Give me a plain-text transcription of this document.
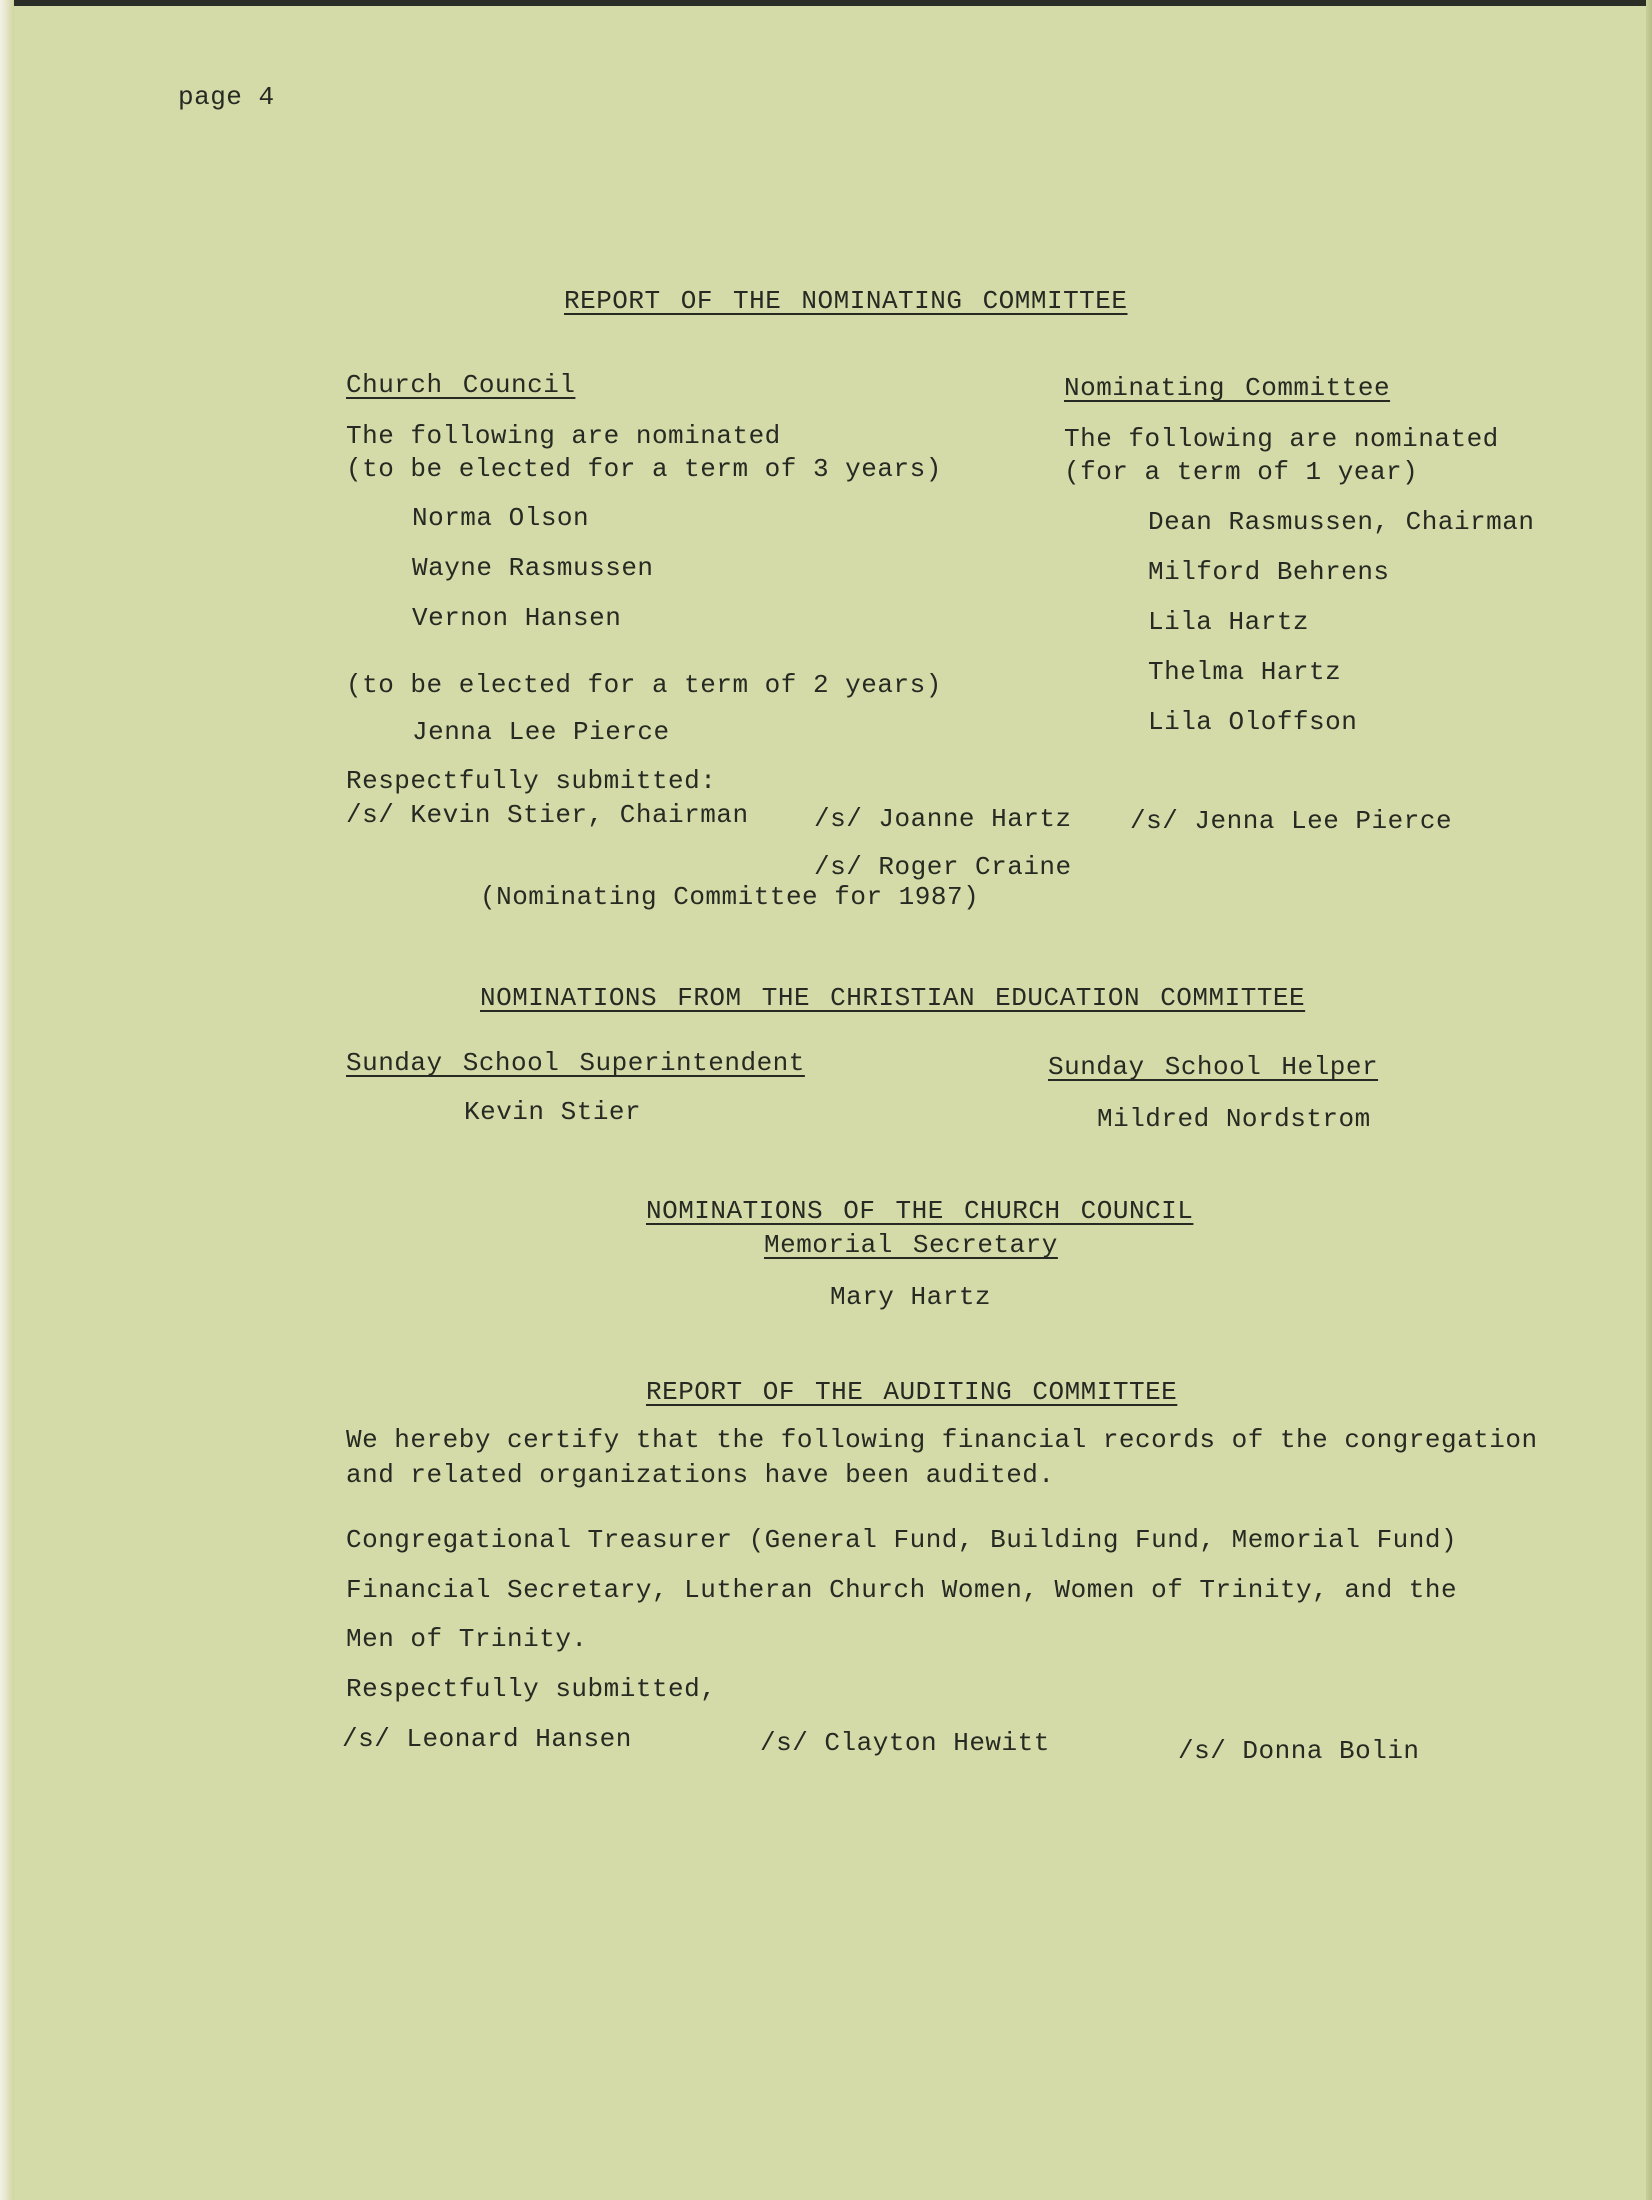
page 4
REPORT OF THE NOMINATING COMMITTEE
Church Council
The following are nominated
(to be elected for a term of 3 years)
Norma Olson
Wayne Rasmussen
Vernon Hansen
(to be elected for a term of 2 years)
Jenna Lee Pierce
Nominating Committee
The following are nominated
(for a term of 1 year)
Dean Rasmussen, Chairman
Milford Behrens
Lila Hartz
Thelma Hartz
Lila Oloffson
Respectfully submitted:
/s/ Kevin Stier, Chairman	/s/ Joanne Hartz /s/ Jenna Lee Pierce
/s/ Roger Craine
(Nominating Committee for 1987)
NOMINATIONS FROM THE CHRISTIAN EDUCATION COMMITTEE
Sunday School Superintendent
Kevin Stier
Sunday School Helper
Mildred Nordstrom
NOMINATIONS OF THE CHURCH COUNCIL
Memorial Secretary
Mary Hartz
REPORT OF THE AUDITING COMMITTEE
We hereby certify that the following financial records of the congregation
and related organizations have been audited.
Congregational Treasurer (General Fund, Building Fund, Memorial Fund)
Financial Secretary, Lutheran Church Women, Women of Trinity, and the
Men of Trinity.
Respectfully submitted,
/s/ Leonard Hansen	/s/ Clayton Hewitt	/s/ Donna Bolin
